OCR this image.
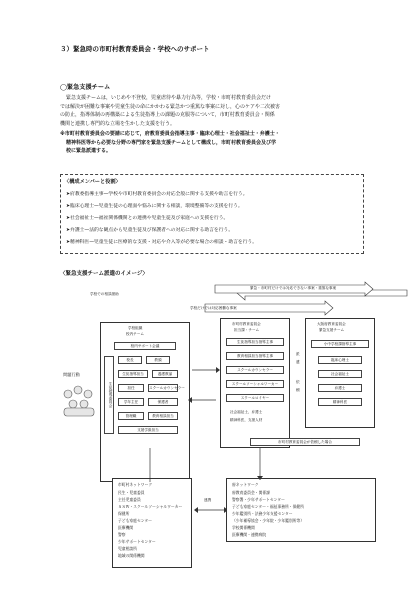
３）緊急時の市町村教育委員会・学校へのサポート
◯緊急支援チーム
緊急支援チームは，いじめや不登校，児童虐待や暴力行為等，学校・市町村教育委員会だけ
では解決が困難な事案や児童生徒の命にかかわる緊急かつ重篤な事案に対し，心のケアや二次被害
の防止，指導体制の再構築による生徒指導上の課題の克服等について，市町村教育委員会・関係
機関と連携し専門的な立場を生かした支援を行う。
※市町村教育委員会の要請に応じて，府教育委員会指導主事・臨床心理士・社会福祉士・弁護士・
精神科医等から必要な分野の専門家を緊急支援チームとして構成し，市町村教育委員会及び学
校に緊急派遣する。
〈構成メンバーと役割〉
➤府教委指導主事—学校や市町村教育委員会の対応全般に関する支援や助言を行う。
➤臨床心理士—児童生徒の心理面や悩みに関する相談，環境整備等の支援を行う。
➤社会福祉士—福祉関係機関との連携や児童生徒及び家庭への支援を行う。
➤弁護士—法的な観点から児童生徒及び保護者への対応に関する助言を行う。
➤精神科医—児童生徒に医療的な支援・対応や介入等が必要な場合の相談・助言を行う。
〈緊急支援チーム派遣のイメージ〉
学校での相談援助
緊急・市町村だけでは対応できない事案・重篤な事案
学校だけでは対応困難な事案
学校組織
校内チーム
校内サポート会議
校長	教頭
生徒指導担当	養護教諭
担任	スクールカウンセラー
学年主任	保護者
管理職	教育相談担当
支援学級担当
生徒指導委員会
問題行動
市町村教育委員会
担当課・チーム
生徒指導担当指導主事
教育相談担当指導主事
スクールカウンセラー
スクールソーシャルワーカー
スクールロイヤー
社会福祉士，弁護士
精神科医，支援人材
派
遣
依
頼
大阪府教育委員会
緊急支援チーム
小中学校課指導主事
臨床心理士
社会福祉士
弁護士
精神科医
市町村教育委員会が依頼した場合
市町村ネットワーク
民生・児童委員
主任児童委員
ＳＳＷ・スクールソーシャルワーカー
保健所
子ども家庭センター
医療機関
警察
少年サポートセンター
児童相談所
地域の関係機関
連携
府ネットワーク
府教育委員会・関係課
警察署・少年サポートセンター
子ども家庭センター・福祉事務所・保健所
少年鑑別所・法務少年支援センター
（少年補導協会・少年院・少年鑑別所等）
学校関係機関
医療機関・連携病院
